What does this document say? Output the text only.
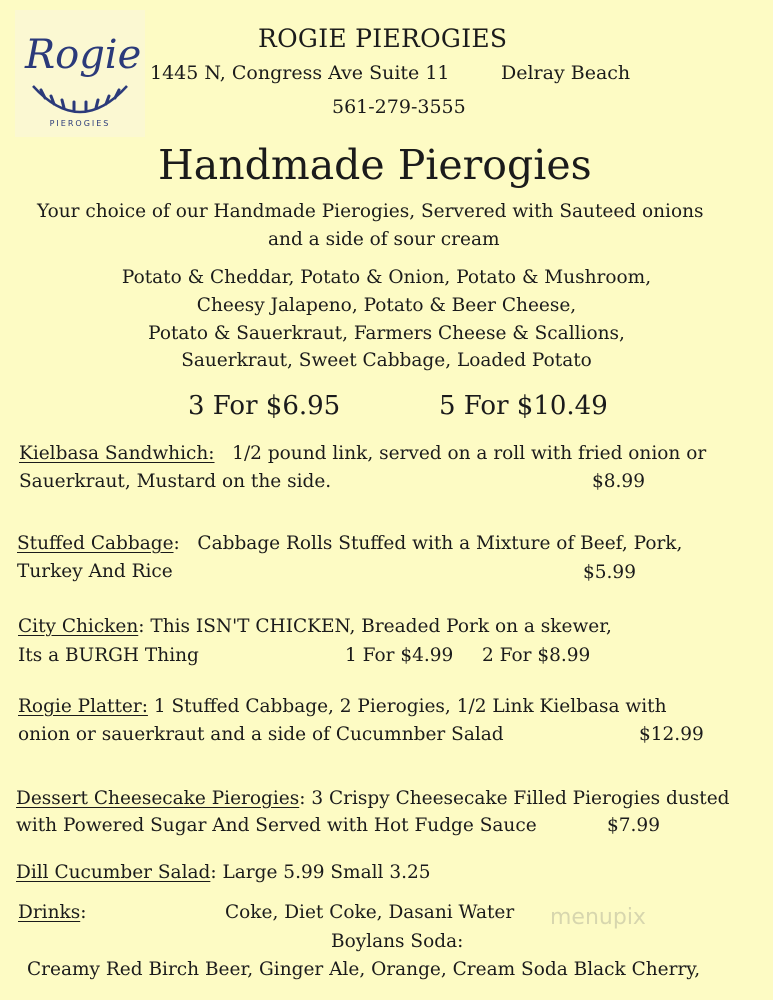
Rogie
PIEROGIES
ROGIE PIEROGIES
1445 N, Congress Ave Suite 11	Delray Beach
561-279-3555
Handmade Pierogies
Your choice of our Handmade Pierogies, Servered with Sauteed onions
and a side of sour cream
Potato & Cheddar, Potato & Onion, Potato & Mushroom,
Cheesy Jalapeno, Potato & Beer Cheese,
Potato & Sauerkraut, Farmers Cheese & Scallions,
Sauerkraut, Sweet Cabbage, Loaded Potato
3 For $6.95	5 For $10.49
Kielbasa Sandwhich: 1/2 pound link, served on a roll with fried onion or
Sauerkraut, Mustard on the side.	$8.99
Stuffed Cabbage: Cabbage Rolls Stuffed with a Mixture of Beef, Pork,
Turkey And Rice	$5.99
City Chicken: This ISN'T CHICKEN, Breaded Pork on a skewer,
Its a BURGH Thing	1 For $4.99 2 For $8.99
Rogie Platter: 1 Stuffed Cabbage, 2 Pierogies, 1/2 Link Kielbasa with
onion or sauerkraut and a side of Cucumnber Salad	$12.99
Dessert Cheesecake Pierogies: 3 Crispy Cheesecake Filled Pierogies dusted
with Powered Sugar And Served with Hot Fudge Sauce	$7.99
Dill Cucumber Salad: Large 5.99 Small 3.25
Drinks:	Coke, Diet Coke, Dasani Water menupix
Boylans Soda:
Creamy Red Birch Beer, Ginger Ale, Orange, Cream Soda Black Cherry,
